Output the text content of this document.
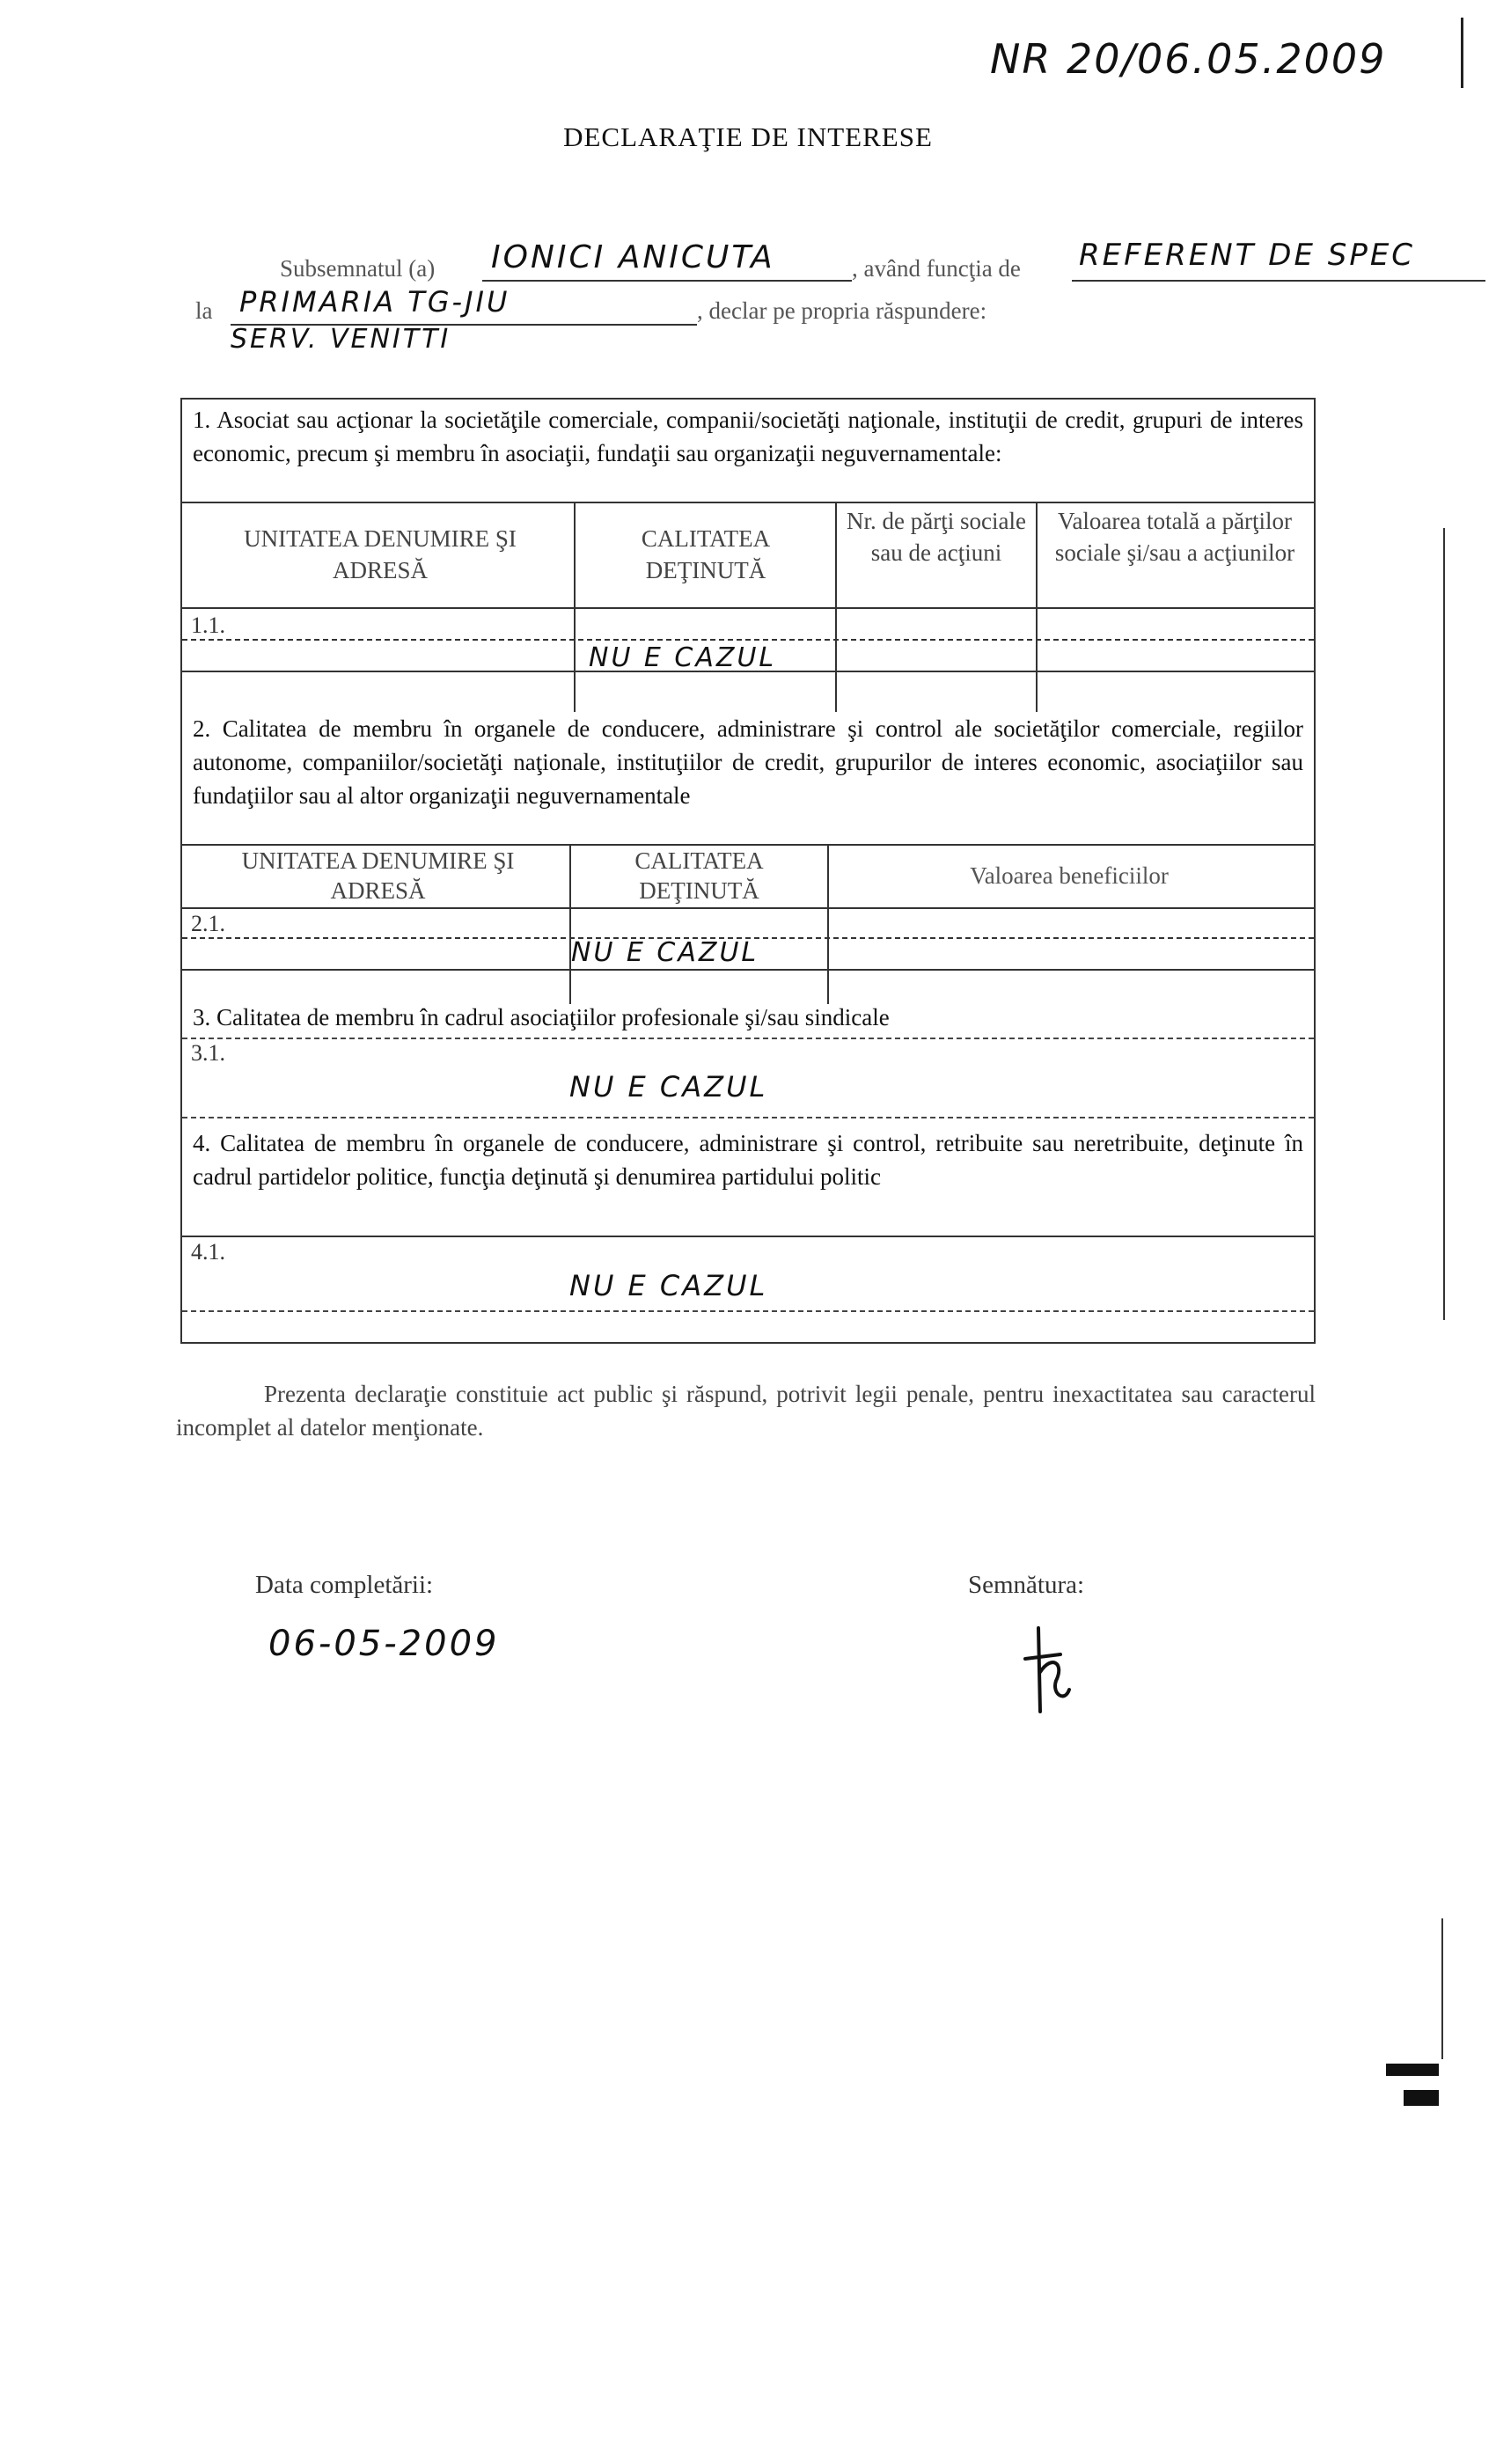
NR 20/06.05.2009
DECLARAŢIE DE INTERESE
Subsemnatul (a) IONICI ANICUTA	, având funcţia de REFERENT DE SPEC
la PRIMARIA TG-JIU	, declar pe propria răspundere:
SERV. VENITTI
1. Asociat sau acţionar la societăţile comerciale, companii/societăţi naţionale, instituţii de credit, grupuri de interes economic, precum şi membru în asociaţii, fundaţii sau organizaţii neguvernamentale:
UNITATEA DENUMIRE ŞI ADRESĂ
CALITATEA DEŢINUTĂ
Nr. de părţi sociale sau de acţiuni
Valoarea totală a părţilor sociale şi/sau a acţiunilor
1.1.
NU E CAZUL
2. Calitatea de membru în organele de conducere, administrare şi control ale societăţilor comerciale, regiilor autonome, companiilor/societăţi naţionale, instituţiilor de credit, grupurilor de interes economic, asociaţiilor sau fundaţiilor sau al altor organizaţii neguvernamentale
UNITATEA DENUMIRE ŞI ADRESĂ
CALITATEA DEŢINUTĂ
Valoarea beneficiilor
2.1.
NU E CAZUL
3. Calitatea de membru în cadrul asociaţiilor profesionale şi/sau sindicale
3.1.
NU E CAZUL
4. Calitatea de membru în organele de conducere, administrare şi control, retribuite sau neretribuite, deţinute în cadrul partidelor politice, funcţia deţinută şi denumirea partidului politic
4.1.
NU E CAZUL
Prezenta declaraţie constituie act public şi răspund, potrivit legii penale, pentru inexactitatea sau caracterul incomplet al datelor menţionate.
Data completării:
06-05-2009
Semnătura:
